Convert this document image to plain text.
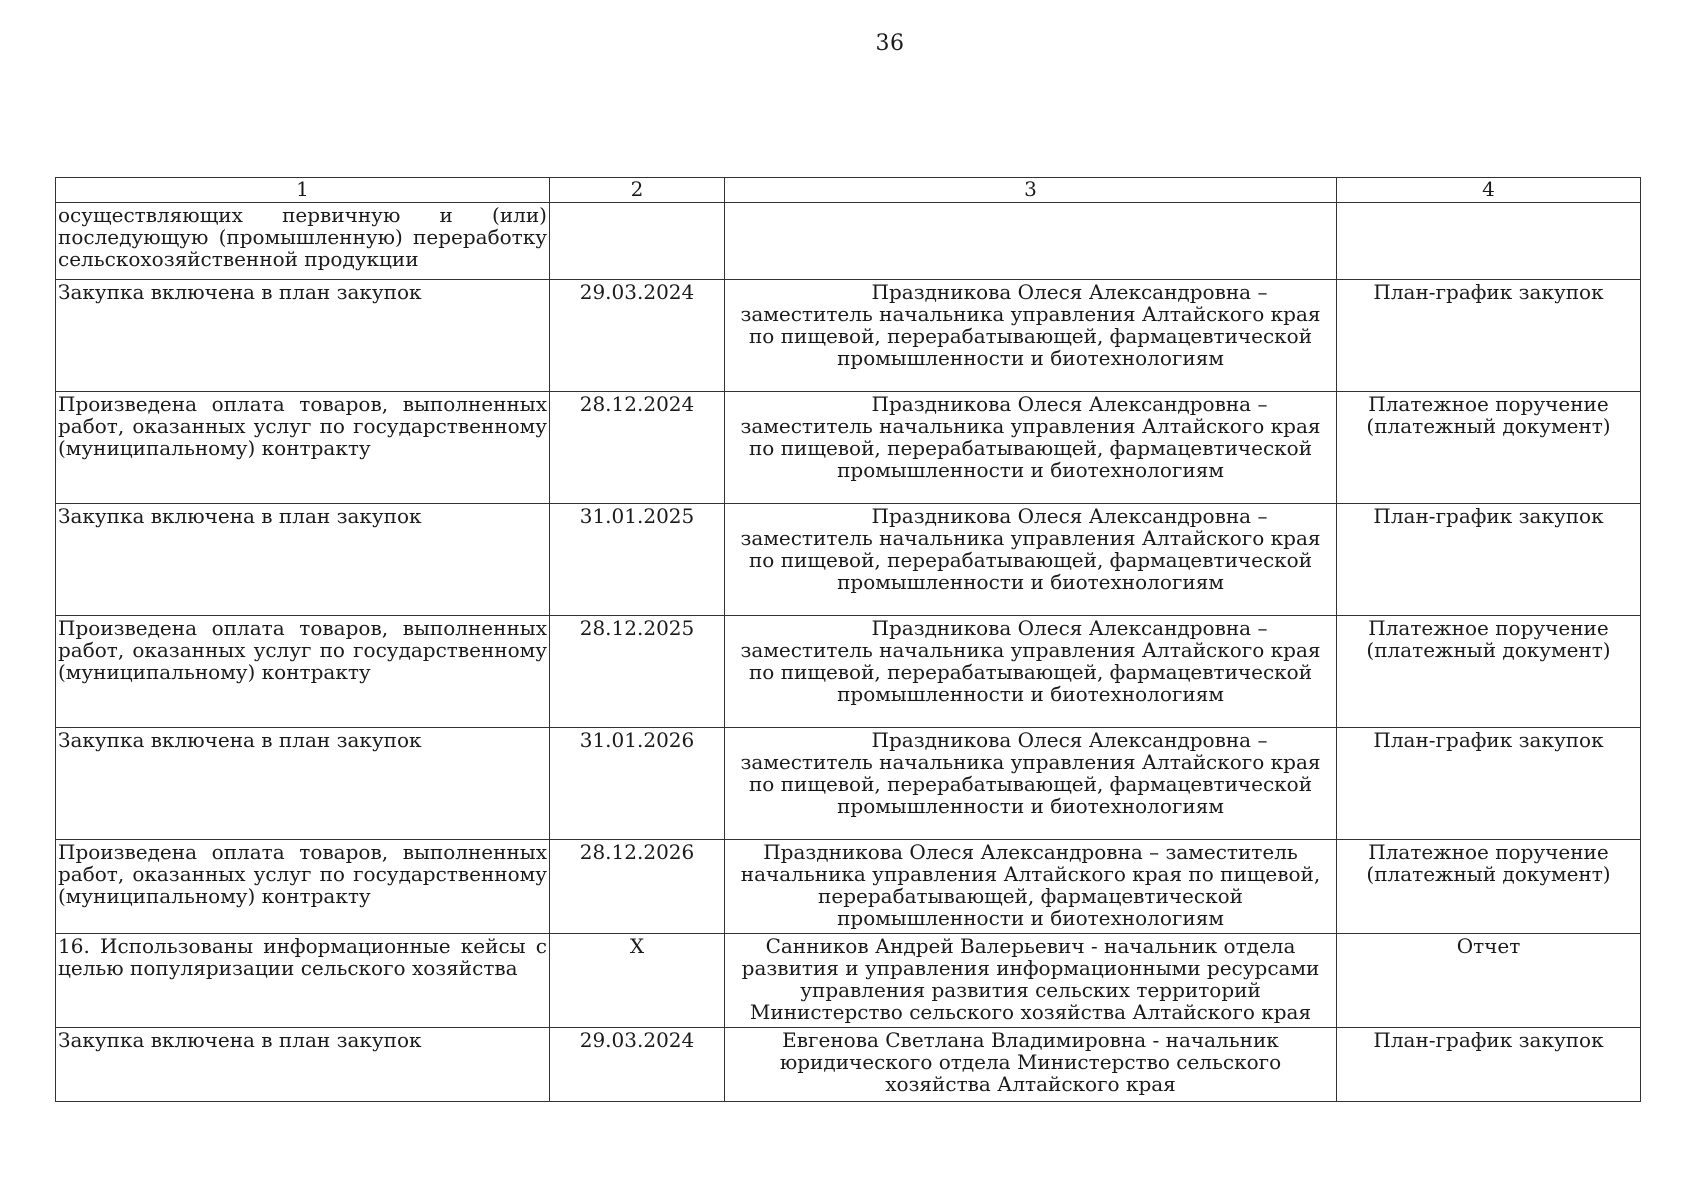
36
1	2	3	4
осуществляющих первичную и (или) последующую (промышленную) переработку сельскохозяйственной продукции			
Закупка включена в план закупок	29.03.2024	Праздникова Олеся Александровна – заместитель начальника управления Алтайского края по пищевой, перерабатывающей, фармацевтической промышленности и биотехнологиям	План-график закупок
Произведена оплата товаров, выполненных работ, оказанных услуг по государственному (муниципальному) контракту	28.12.2024	Праздникова Олеся Александровна – заместитель начальника управления Алтайского края по пищевой, перерабатывающей, фармацевтической промышленности и биотехнологиям	Платежное поручение (платежный документ)
Закупка включена в план закупок	31.01.2025	Праздникова Олеся Александровна – заместитель начальника управления Алтайского края по пищевой, перерабатывающей, фармацевтической промышленности и биотехнологиям	План-график закупок
Произведена оплата товаров, выполненных работ, оказанных услуг по государственному (муниципальному) контракту	28.12.2025	Праздникова Олеся Александровна – заместитель начальника управления Алтайского края по пищевой, перерабатывающей, фармацевтической промышленности и биотехнологиям	Платежное поручение (платежный документ)
Закупка включена в план закупок	31.01.2026	Праздникова Олеся Александровна – заместитель начальника управления Алтайского края по пищевой, перерабатывающей, фармацевтической промышленности и биотехнологиям	План-график закупок
Произведена оплата товаров, выполненных работ, оказанных услуг по государственному (муниципальному) контракту	28.12.2026	Праздникова Олеся Александровна – заместитель начальника управления Алтайского края по пищевой, перерабатывающей, фармацевтической промышленности и биотехнологиям	Платежное поручение (платежный документ)
16. Использованы информационные кейсы с целью популяризации сельского хозяйства	X	Санников Андрей Валерьевич - начальник отдела развития и управления информационными ресурсами управления развития сельских территорий Министерство сельского хозяйства Алтайского края	Отчет
Закупка включена в план закупок	29.03.2024	Евгенова Светлана Владимировна - начальник юридического отдела Министерство сельского хозяйства Алтайского края	План-график закупок
